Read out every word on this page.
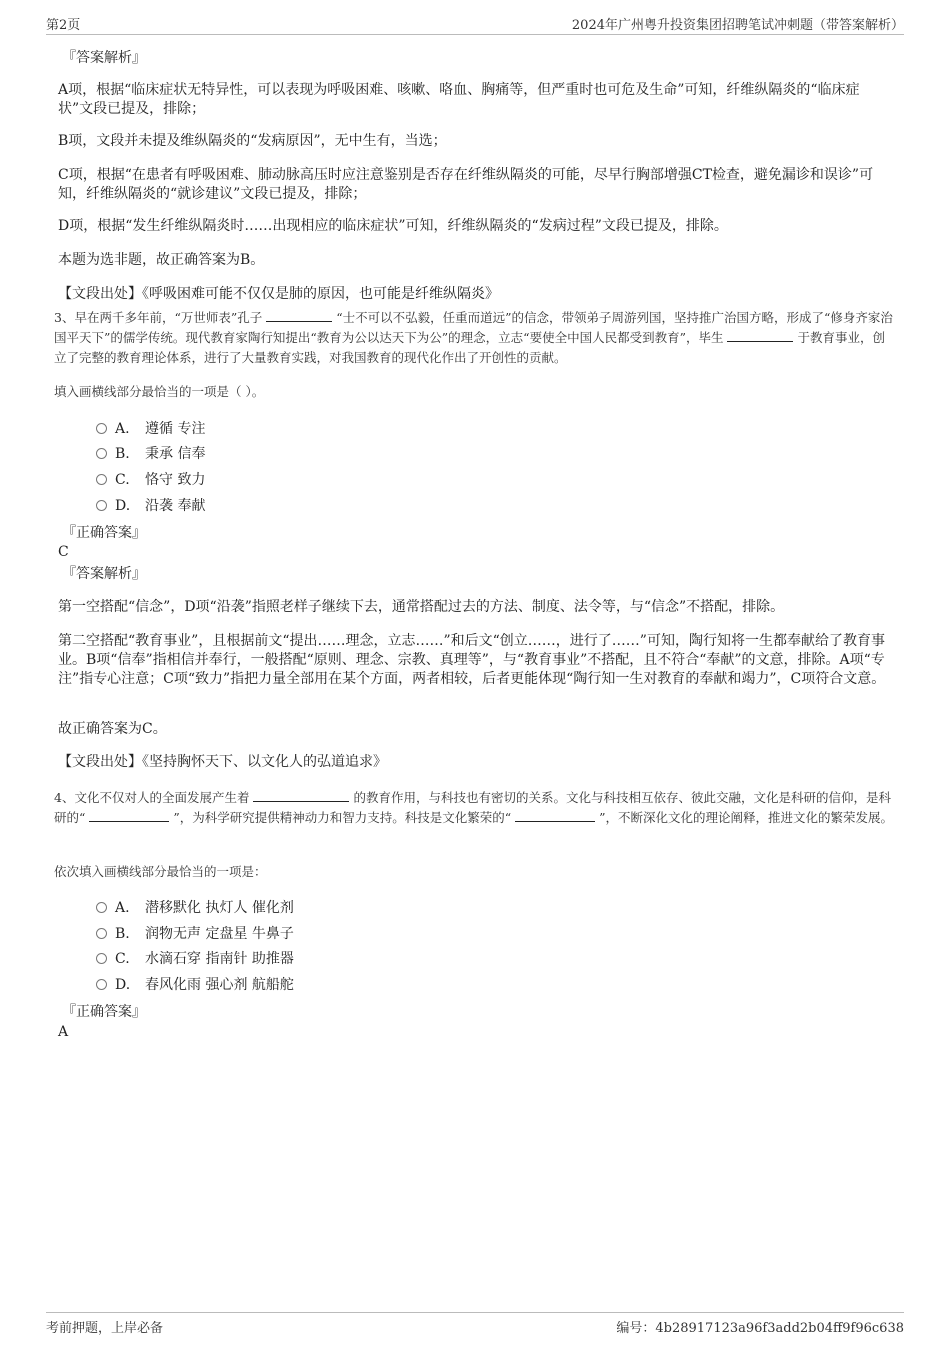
第2页	2024年广州粤升投资集团招聘笔试冲刺题（带答案解析）
『答案解析』
A项，根据“临床症状无特异性，可以表现为呼吸困难、咳嗽、咯血、胸痛等，但严重时也可危及生命”可知，纤维纵隔炎的“临床症状”文段已提及，排除；
B项，文段并未提及维纵隔炎的“发病原因”，无中生有，当选；
C项，根据“在患者有呼吸困难、肺动脉高压时应注意鉴别是否存在纤维纵隔炎的可能，尽早行胸部增强CT检查，避免漏诊和误诊”可知，纤维纵隔炎的“就诊建议”文段已提及，排除；
D项，根据“发生纤维纵隔炎时……出现相应的临床症状”可知，纤维纵隔炎的“发病过程”文段已提及，排除。
本题为选非题，故正确答案为B。
【文段出处】《呼吸困难可能不仅仅是肺的原因，也可能是纤维纵隔炎》
3、早在两千多年前，“万世师表”孔子	“士不可以不弘毅，任重而道远”的信念，带领弟子周游列国，坚持推广治国方略，形成了“修身齐家治国平天下”的儒学传统。现代教育家陶行知提出“教育为公以达天下为公”的理念，立志“要使全中国人民都受到教育”，毕生	于教育事业，创立了完整的教育理论体系，进行了大量教育实践，对我国教育的现代化作出了开创性的贡献。
填入画横线部分最恰当的一项是（ ）。
A. 遵循 专注
B. 秉承 信奉
C. 恪守 致力
D. 沿袭 奉献
『正确答案』
C
『答案解析』
第一空搭配“信念”，D项“沿袭”指照老样子继续下去，通常搭配过去的方法、制度、法令等，与“信念”不搭配，排除。
第二空搭配“教育事业”，且根据前文“提出……理念，立志……”和后文“创立……，进行了……”可知，陶行知将一生都奉献给了教育事业。B项“信奉”指相信并奉行，一般搭配“原则、理念、宗教、真理等”，与“教育事业”不搭配，且不符合“奉献”的文意，排除。A项“专注”指专心注意；C项“致力”指把力量全部用在某个方面，两者相较，后者更能体现“陶行知一生对教育的奉献和竭力”，C项符合文意。
故正确答案为C。
【文段出处】《坚持胸怀天下、以文化人的弘道追求》
4、文化不仅对人的全面发展产生着	的教育作用，与科技也有密切的关系。文化与科技相互依存、彼此交融，文化是科研的信仰，是科研的“	”，为科学研究提供精神动力和智力支持。科技是文化繁荣的“	”，不断深化文化的理论阐释，推进文化的繁荣发展。
依次填入画横线部分最恰当的一项是：
A. 潜移默化 执灯人 催化剂
B. 润物无声 定盘星 牛鼻子
C. 水滴石穿 指南针 助推器
D. 春风化雨 强心剂 航船舵
『正确答案』
A
考前押题，上岸必备	编号：4b28917123a96f3add2b04ff9f96c638
